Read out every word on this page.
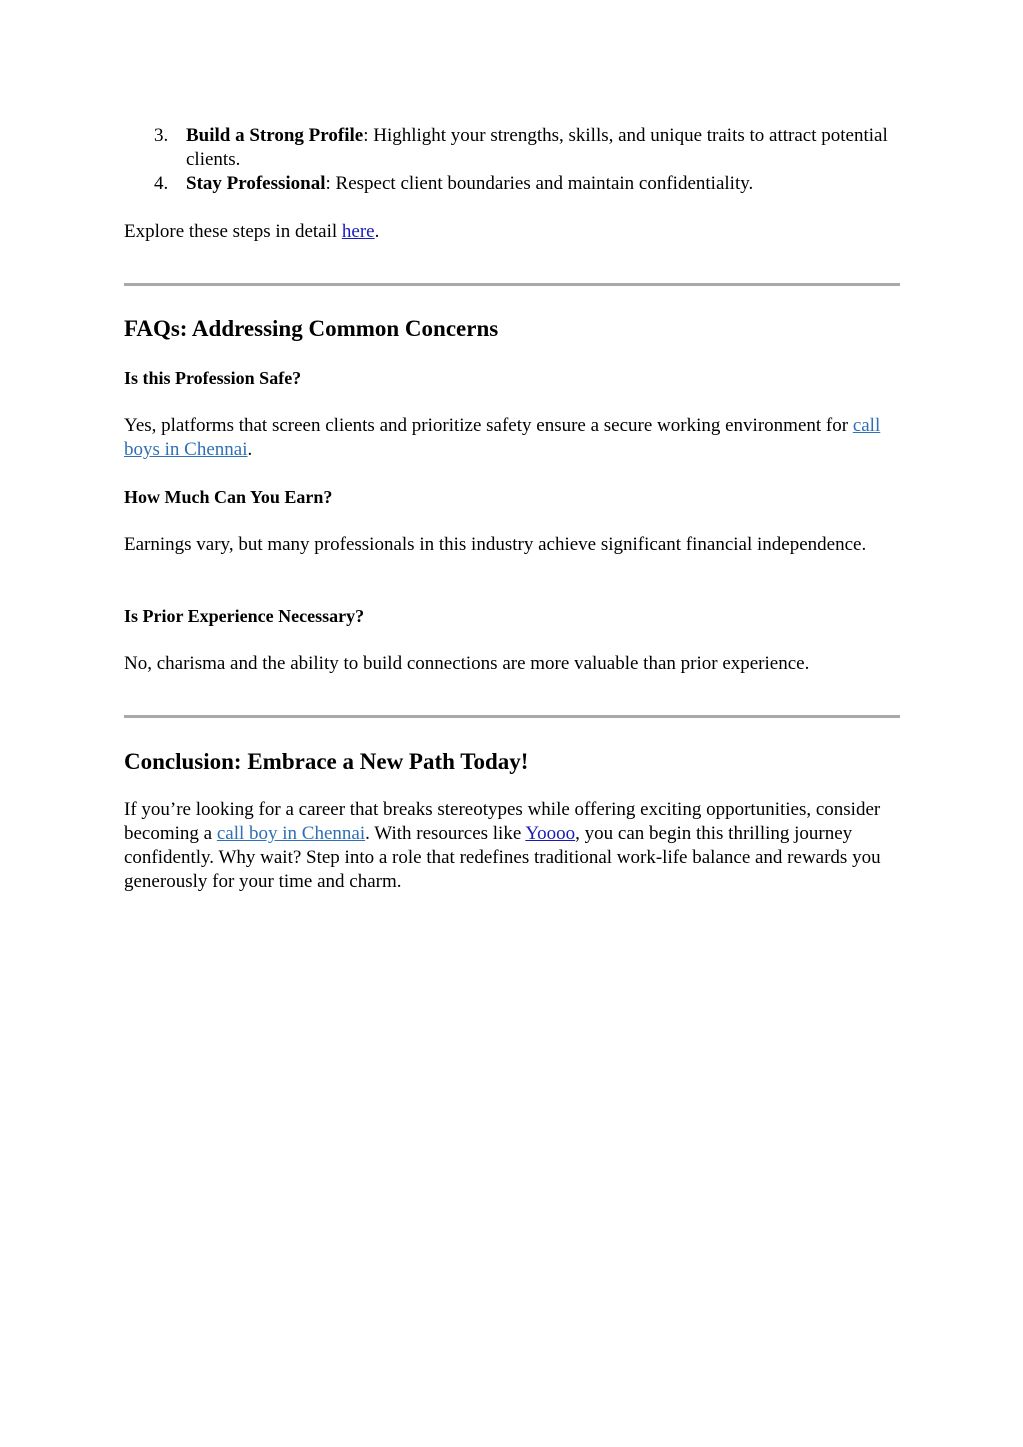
3. Build a Strong Profile: Highlight your strengths, skills, and unique traits to attract potential clients.
4. Stay Professional: Respect client boundaries and maintain confidentiality.

Explore these steps in detail here.

FAQs: Addressing Common Concerns
Is this Profession Safe?

Yes, platforms that screen clients and prioritize safety ensure a secure working environment for call boys in Chennai.

How Much Can You Earn?

Earnings vary, but many professionals in this industry achieve significant financial independence.

Is Prior Experience Necessary?

No, charisma and the ability to build connections are more valuable than prior experience.

Conclusion: Embrace a New Path Today!

If you’re looking for a career that breaks stereotypes while offering exciting opportunities, consider becoming a call boy in Chennai. With resources like Yoooo, you can begin this thrilling journey confidently. Why wait? Step into a role that redefines traditional work-life balance and rewards you generously for your time and charm.
